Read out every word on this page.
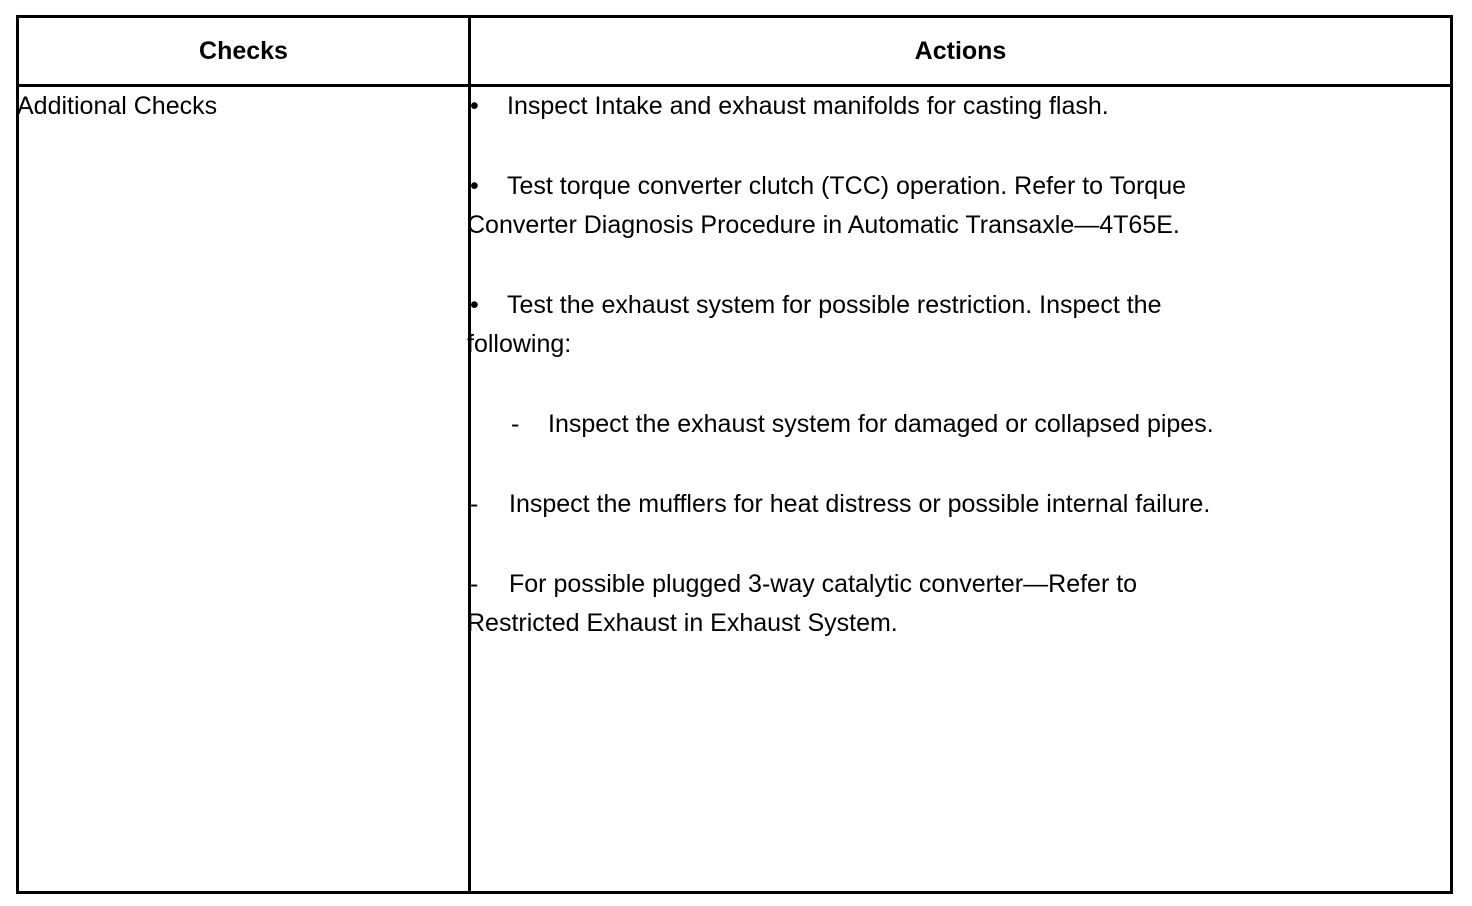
Checks	Actions
Additional Checks	• Inspect Intake and exhaust manifolds for casting flash.
• Test torque converter clutch (TCC) operation. Refer to Torque
Converter Diagnosis Procedure in Automatic Transaxle—4T65E.
• Test the exhaust system for possible restriction. Inspect the
following:
- Inspect the exhaust system for damaged or collapsed pipes.
- Inspect the mufflers for heat distress or possible internal failure.
- For possible plugged 3-way catalytic converter—Refer to
Restricted Exhaust in Exhaust System.
